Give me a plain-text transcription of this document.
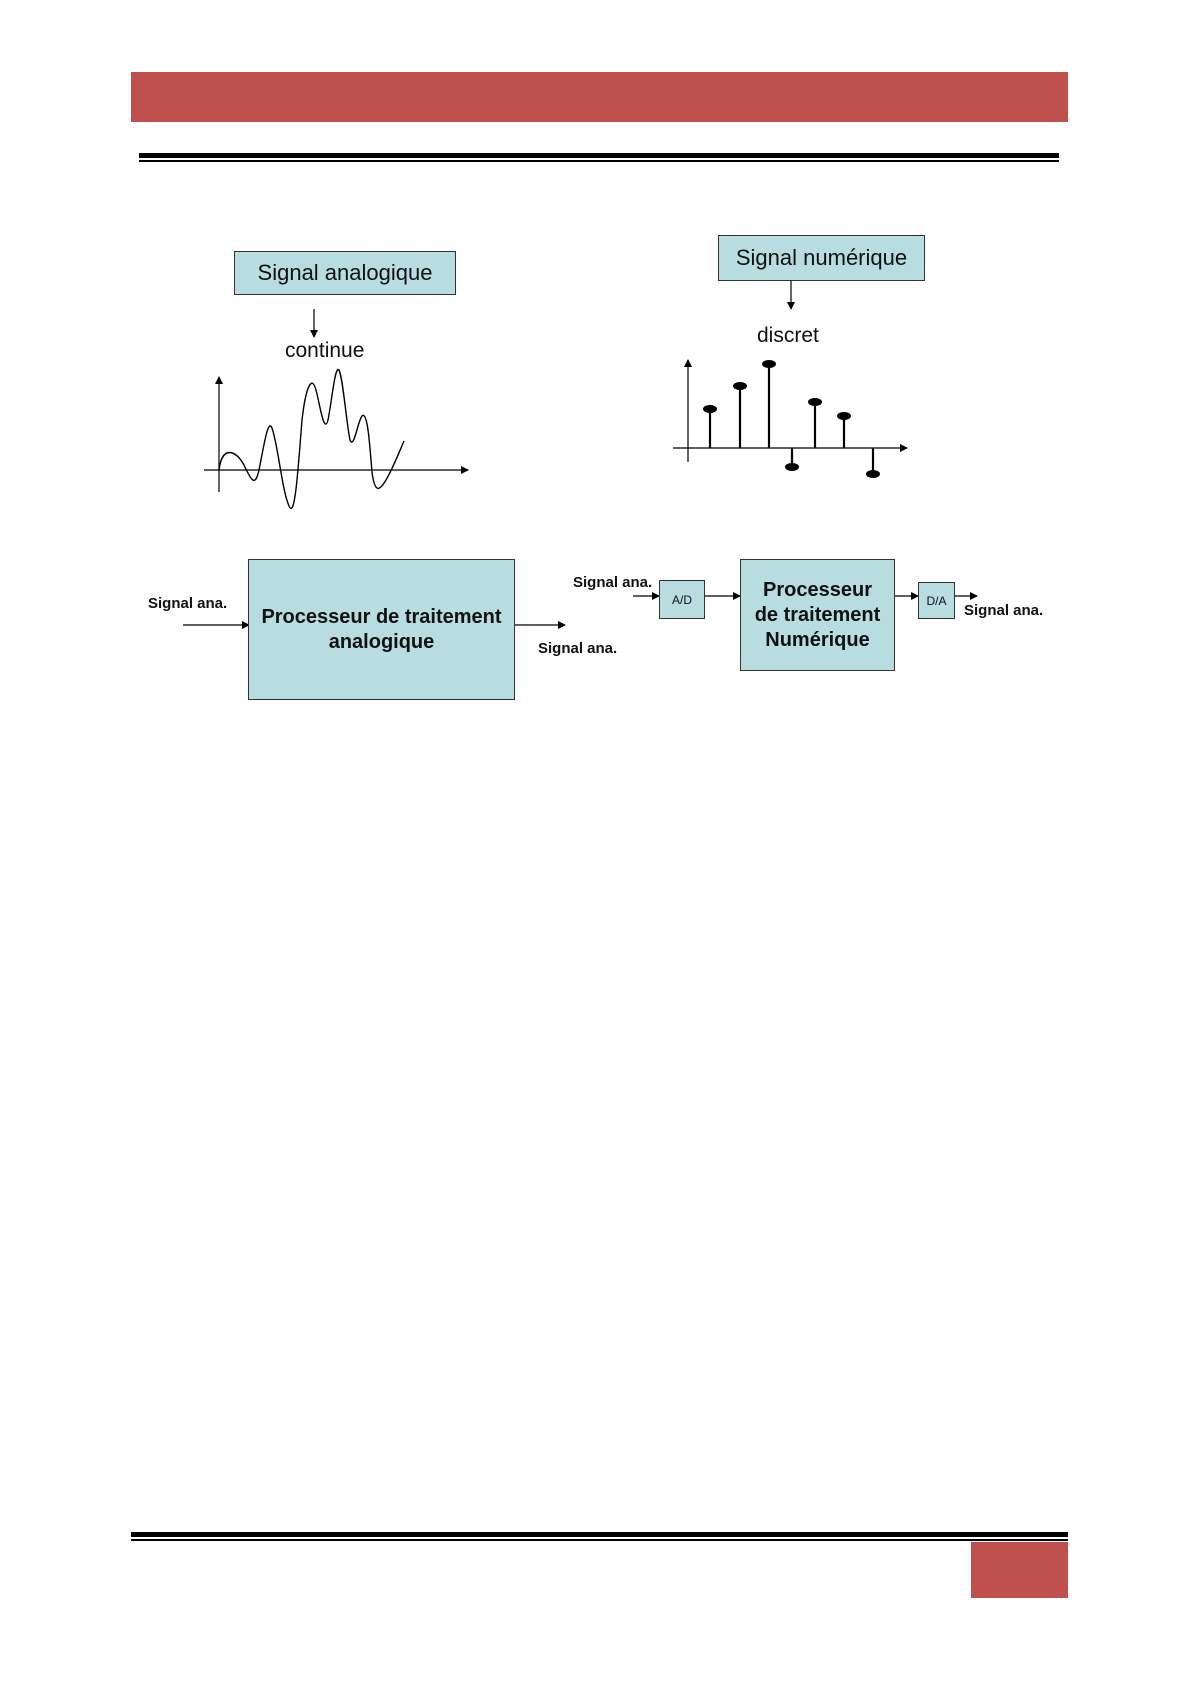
Signal analogique
continue
Signal numérique
discret
Signal ana.
Processeur de traitement
analogique	Signal ana.
Signal ana.
A/D	Processeur
de traitement
Numérique
D/A
Signal ana.
